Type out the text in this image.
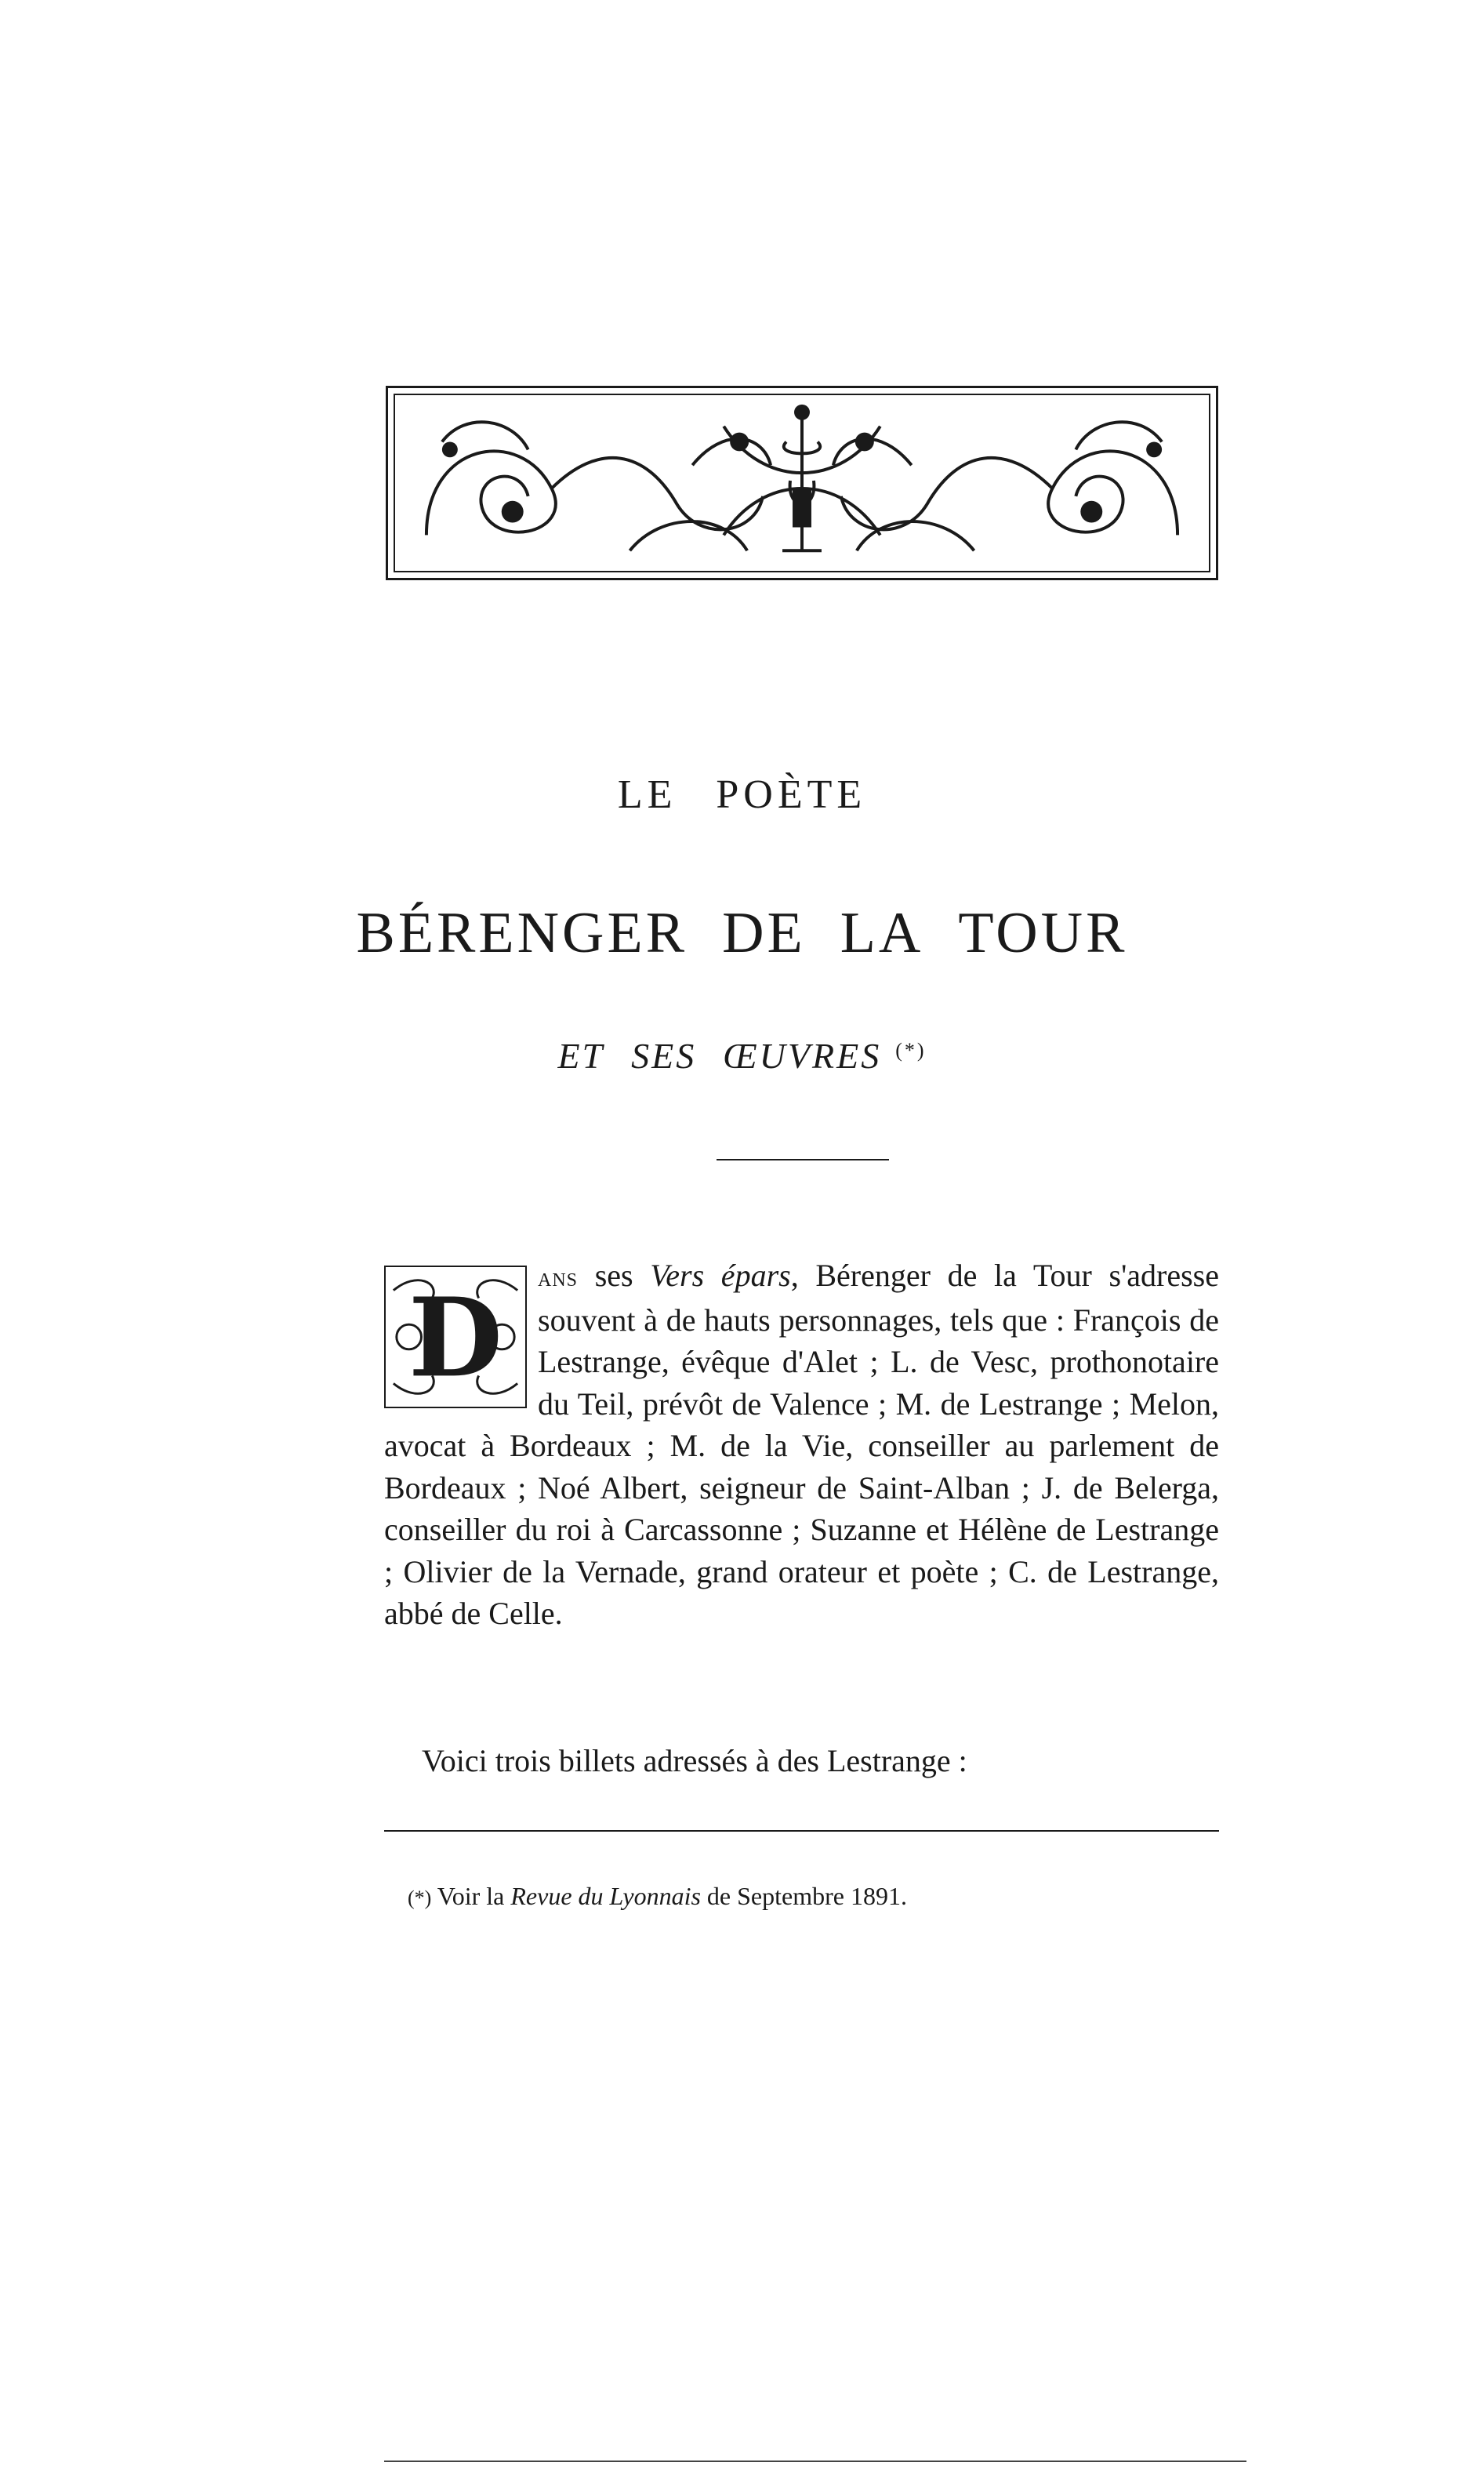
LE POÈTE
BÉRENGER DE LA TOUR
ET SES ŒUVRES (*)
D ans ses Vers épars, Bérenger de la Tour s'adresse souvent à de hauts personnages, tels que : François de Lestrange, évêque d'Alet ; L. de Vesc, prothonotaire du Teil, prévôt de Valence ; M. de Lestrange ; Melon, avocat à Bordeaux ; M. de la Vie, conseiller au parlement de Bordeaux ; Noé Albert, seigneur de Saint-Alban ; J. de Belerga, conseiller du roi à Carcassonne ; Suzanne et Hélène de Lestrange ; Olivier de la Vernade, grand orateur et poète ; C. de Lestrange, abbé de Celle.
Voici trois billets adressés à des Lestrange :
(*) Voir la Revue du Lyonnais de Septembre 1891.
